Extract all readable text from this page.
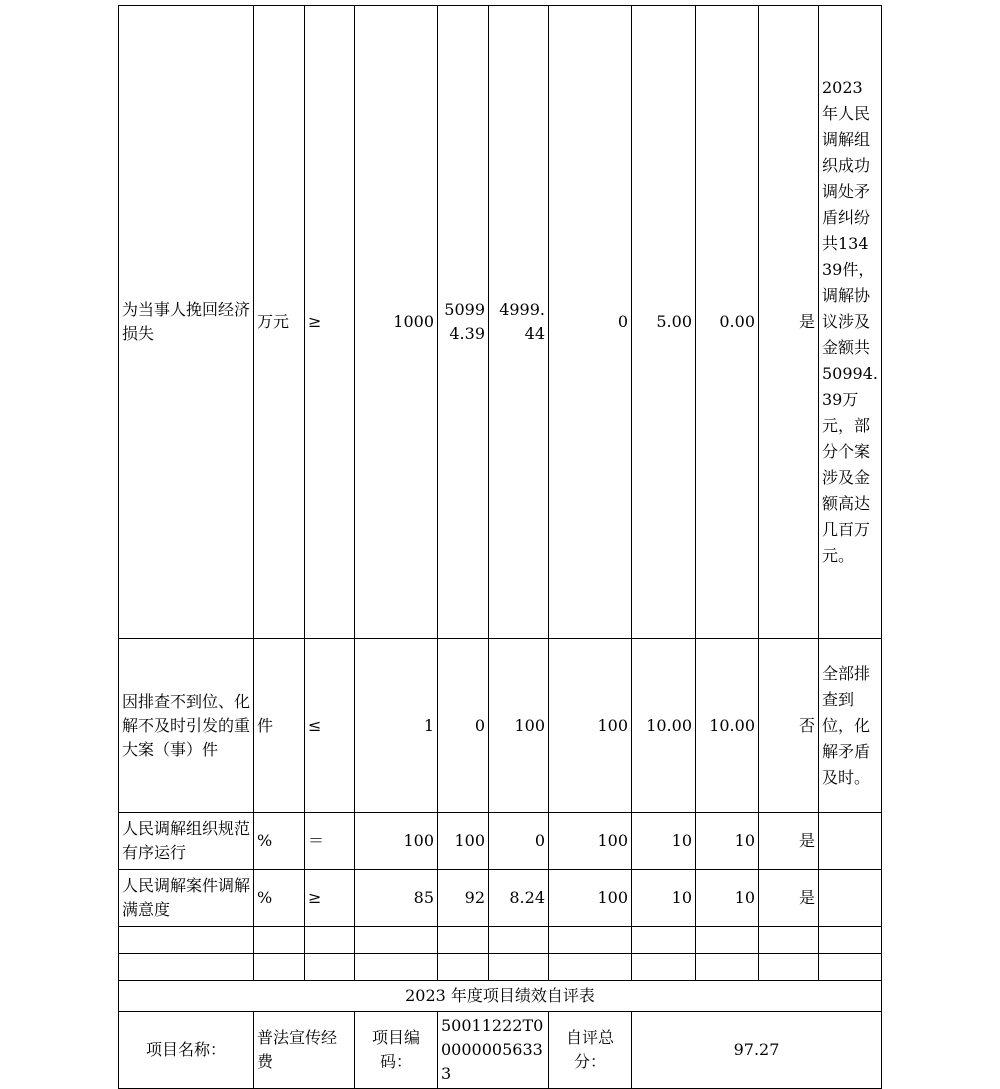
为当事人挽回经济损失	万元	≥	1000	50994.39	4999.44	0	5.00	0.00	是	2023年人民调解组织成功调处矛盾纠纷共13439件，调解协议涉及金额共50994.39万元，部分个案涉及金额高达几百万元。
因排查不到位、化解不及时引发的重大案（事）件	件	≤	1	0	100	100	10.00	10.00	否	全部排查到位，化解矛盾及时。
人民调解组织规范有序运行	%	＝	100	100	0	100	10	10	是	
人民调解案件调解满意度	%	≥	85	92	8.24	100	10	10	是	

2023 年度项目绩效自评表										
项目名称：	普法宣传经费		项目编码：	50011222T000000056333		自评总分：	97.27			
